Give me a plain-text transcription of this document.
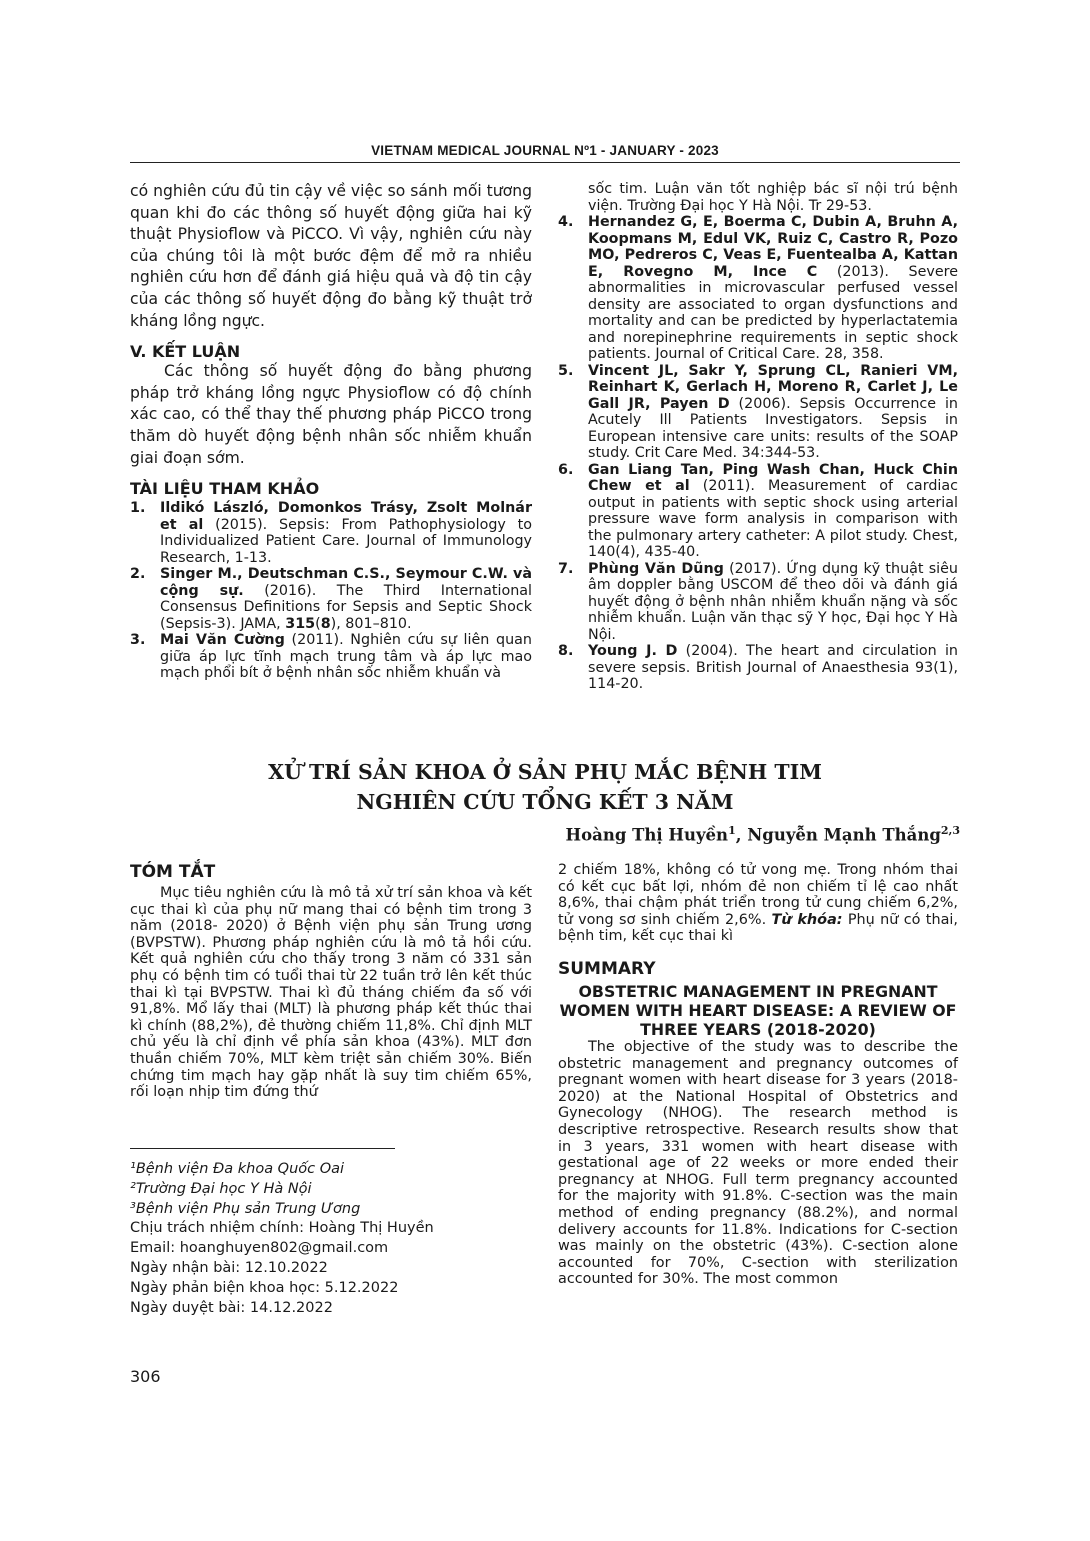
VIETNAM MEDICAL JOURNAL Nº1 - JANUARY - 2023

có nghiên cứu đủ tin cậy về việc so sánh mối tương quan khi đo các thông số huyết động giữa hai kỹ thuật Physioflow và PiCCO. Vì vậy, nghiên cứu này của chúng tôi là một bước đệm để mở ra nhiều nghiên cứu hơn để đánh giá hiệu quả và độ tin cậy của các thông số huyết động đo bằng kỹ thuật trở kháng lồng ngực.

V. KẾT LUẬN

Các thông số huyết động đo bằng phương pháp trở kháng lồng ngực Physioflow có độ chính xác cao, có thể thay thế phương pháp PiCCO trong thăm dò huyết động bệnh nhân sốc nhiễm khuẩn giai đoạn sớm.

TÀI LIỆU THAM KHẢO

1.	Ildikó László, Domonkos Trásy, Zsolt Molnár et al (2015). Sepsis: From Pathophysiology to Individualized Patient Care. Journal of Immunology Research, 1-13.
2.	Singer M., Deutschman C.S., Seymour C.W. và cộng sự. (2016). The Third International Consensus Definitions for Sepsis and Septic Shock (Sepsis-3). JAMA, 315(8), 801–810.
3.	Mai Văn Cường (2011). Nghiên cứu sự liên quan giữa áp lực tĩnh mạch trung tâm và áp lực mao mạch phổi bít ở bệnh nhân sốc nhiễm khuẩn và
sốc tim. Luận văn tốt nghiệp bác sĩ nội trú bệnh viện. Trường Đại học Y Hà Nội. Tr 29-53.
4.	Hernandez G, E, Boerma C, Dubin A, Bruhn A, Koopmans M, Edul VK, Ruiz C, Castro R, Pozo MO, Pedreros C, Veas E, Fuentealba A, Kattan E, Rovegno M, Ince C (2013). Severe abnormalities in microvascular perfused vessel density are associated to organ dysfunctions and mortality and can be predicted by hyperlactatemia and norepinephrine requirements in septic shock patients. Journal of Critical Care. 28, 358.
5.	Vincent JL, Sakr Y, Sprung CL, Ranieri VM, Reinhart K, Gerlach H, Moreno R, Carlet J, Le Gall JR, Payen D (2006). Sepsis Occurrence in Acutely Ill Patients Investigators. Sepsis in European intensive care units: results of the SOAP study. Crit Care Med. 34:344-53.
6.	Gan Liang Tan, Ping Wash Chan, Huck Chin Chew et al (2011). Measurement of cardiac output in patients with septic shock using arterial pressure wave form analysis in comparison with the pulmonary artery catheter: A pilot study. Chest, 140(4), 435-40.
7.	Phùng Văn Dũng (2017). Ứng dụng kỹ thuật siêu âm doppler bằng USCOM để theo dõi và đánh giá huyết động ở bệnh nhân nhiễm khuẩn nặng và sốc nhiễm khuẩn. Luận văn thạc sỹ Y học, Đại học Y Hà Nội.
8.	Young J. D (2004). The heart and circulation in severe sepsis. British Journal of Anaesthesia 93(1), 114-20.
XỬ TRÍ SẢN KHOA Ở SẢN PHỤ MẮC BỆNH TIM
NGHIÊN CỨU TỔNG KẾT 3 NĂM
Hoàng Thị Huyền$^1$, Nguyễn Mạnh Thắng$^{2,3}$

TÓM TẮT

Mục tiêu nghiên cứu là mô tả xử trí sản khoa và kết cục thai kì của phụ nữ mang thai có bệnh tim trong 3 năm (2018- 2020) ở Bệnh viện phụ sản Trung ương (BVPSTW). Phương pháp nghiên cứu là mô tả hồi cứu. Kết quả nghiên cứu cho thấy trong 3 năm có 331 sản phụ có bệnh tim có tuổi thai từ 22 tuần trở lên kết thúc thai kì tại BVPSTW. Thai kì đủ tháng chiếm đa số với 91,8%. Mổ lấy thai (MLT) là phương pháp kết thúc thai kì chính (88,2%), đẻ thường chiếm 11,8%. Chỉ định MLT chủ yếu là chỉ định về phía sản khoa (43%). MLT đơn thuần chiếm 70%, MLT kèm triệt sản chiếm 30%. Biến chứng tim mạch hay gặp nhất là suy tim chiếm 65%, rối loạn nhịp tim đứng thứ

2 chiếm 18%, không có tử vong mẹ. Trong nhóm thai có kết cục bất lợi, nhóm đẻ non chiếm tỉ lệ cao nhất 8,6%, thai chậm phát triển trong tử cung chiếm 6,2%, tử vong sơ sinh chiếm 2,6%. Từ khóa: Phụ nữ có thai, bệnh tim, kết cục thai kì

SUMMARY

OBSTETRIC MANAGEMENT IN PREGNANT WOMEN WITH HEART DISEASE: A REVIEW OF THREE YEARS (2018-2020)

The objective of the study was to describe the obstetric management and pregnancy outcomes of pregnant women with heart disease for 3 years (2018-2020) at the National Hospital of Obstetrics and Gynecology (NHOG). The research method is descriptive retrospective. Research results show that in 3 years, 331 women with heart disease with gestational age of 22 weeks or more ended their pregnancy at NHOG. Full term pregnancy accounted for the majority with 91.8%. C-section was the main method of ending pregnancy (88.2%), and normal delivery accounts for 11.8%. Indications for C-section was mainly on the obstetric (43%). C-section alone accounted for 70%, C-section with sterilization accounted for 30%. The most common

¹Bệnh viện Đa khoa Quốc Oai
²Trường Đại học Y Hà Nội
³Bệnh viện Phụ sản Trung Ương
Chịu trách nhiệm chính: Hoàng Thị Huyền
Email: hoanghuyen802@gmail.com
Ngày nhận bài: 12.10.2022
Ngày phản biện khoa học: 5.12.2022
Ngày duyệt bài: 14.12.2022
306
